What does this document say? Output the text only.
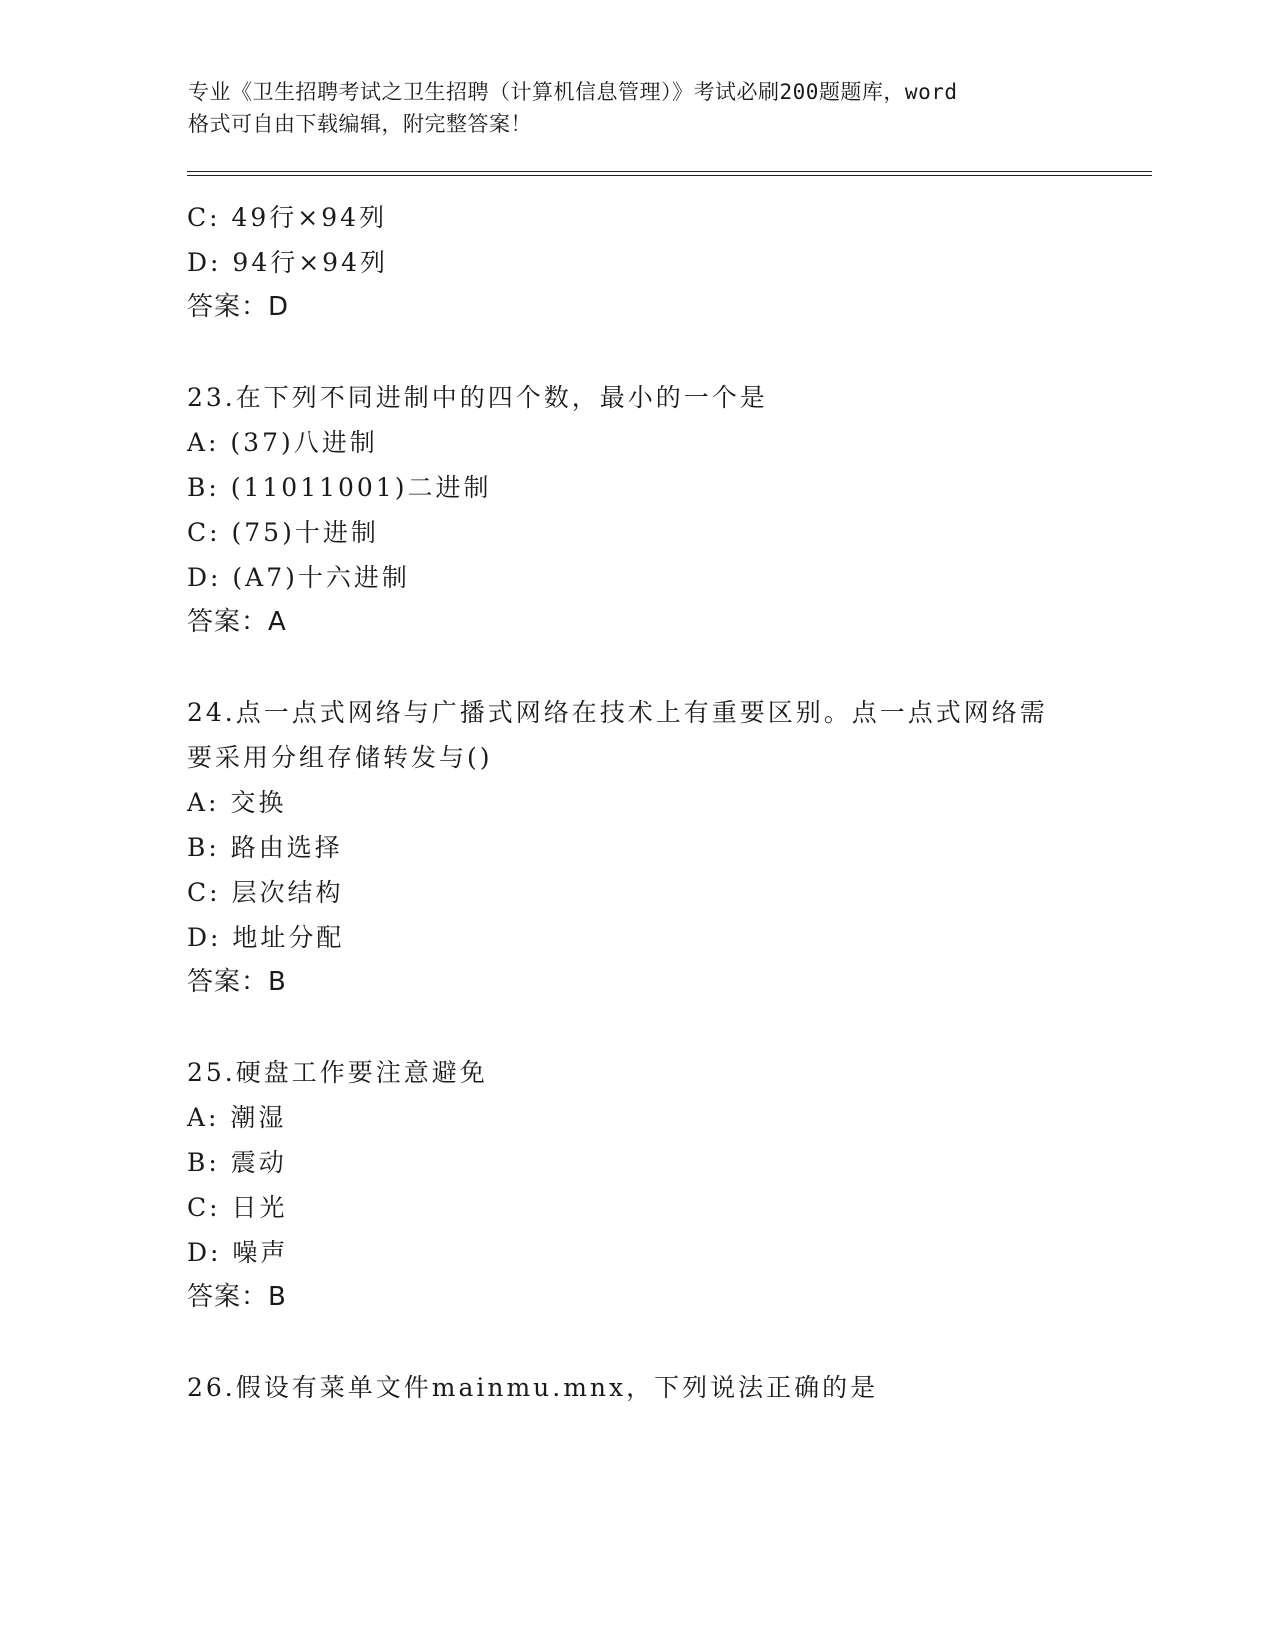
专业《卫生招聘考试之卫生招聘（计算机信息管理）》考试必刷200题题库，word
格式可自由下载编辑，附完整答案！
C: 49行×94列
D: 94行×94列
答案：D
23.在下列不同进制中的四个数，最小的一个是
A: (37)八进制
B: (11011001)二进制
C: (75)十进制
D: (A7)十六进制
答案：A
24.点一点式网络与广播式网络在技术上有重要区别。点一点式网络需
要采用分组存储转发与()
A: 交换
B: 路由选择
C: 层次结构
D: 地址分配
答案：B
25.硬盘工作要注意避免
A: 潮湿
B: 震动
C: 日光
D: 噪声
答案：B
26.假设有菜单文件mainmu.mnx，下列说法正确的是
